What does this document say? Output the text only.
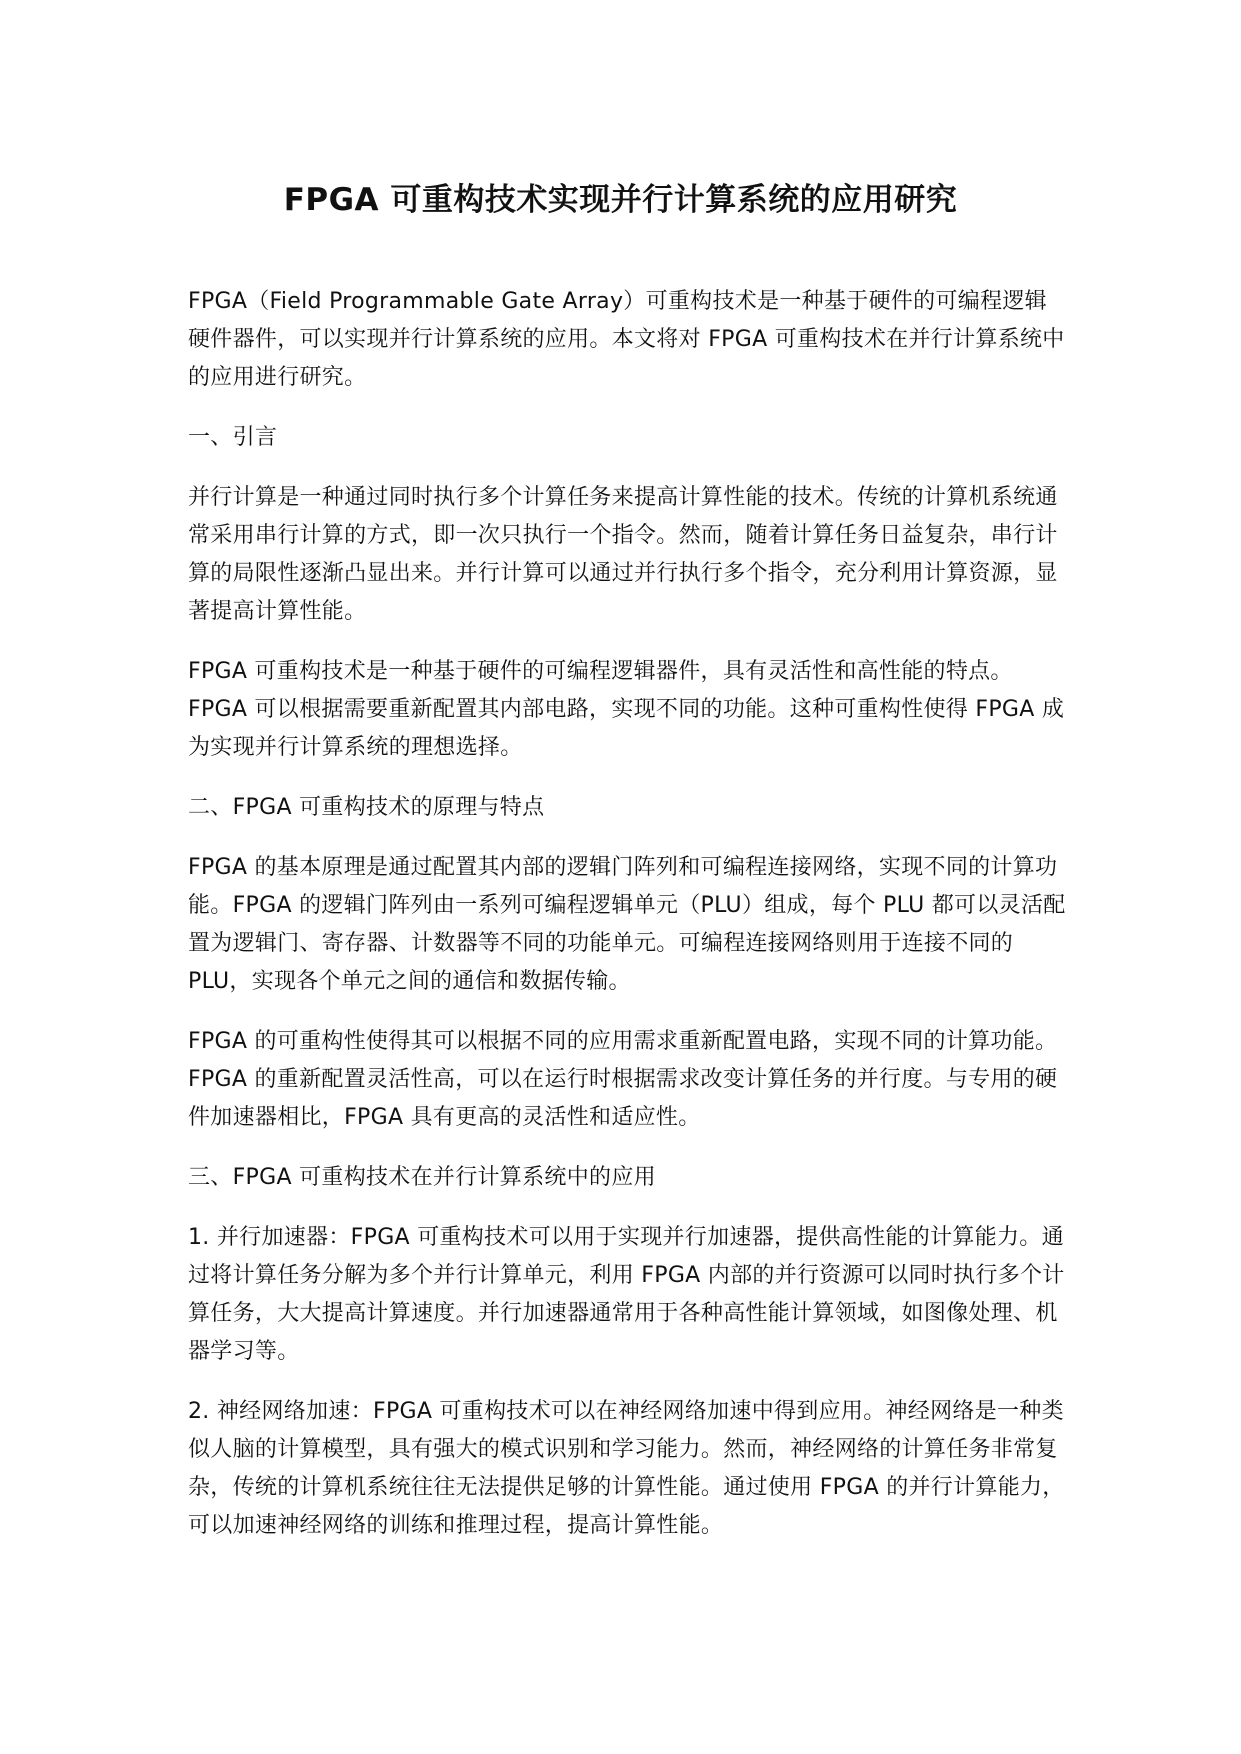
FPGA 可重构技术实现并行计算系统的应用研究

FPGA（Field Programmable Gate Array）可重构技术是一种基于硬件的可编程逻辑硬件器件，可以实现并行计算系统的应用。本文将对 FPGA 可重构技术在并行计算系统中的应用进行研究。

一、引言

并行计算是一种通过同时执行多个计算任务来提高计算性能的技术。传统的计算机系统通常采用串行计算的方式，即一次只执行一个指令。然而，随着计算任务日益复杂，串行计算的局限性逐渐凸显出来。并行计算可以通过并行执行多个指令，充分利用计算资源，显著提高计算性能。

FPGA 可重构技术是一种基于硬件的可编程逻辑器件，具有灵活性和高性能的特点。FPGA 可以根据需要重新配置其内部电路，实现不同的功能。这种可重构性使得 FPGA 成为实现并行计算系统的理想选择。

二、FPGA 可重构技术的原理与特点

FPGA 的基本原理是通过配置其内部的逻辑门阵列和可编程连接网络，实现不同的计算功能。FPGA 的逻辑门阵列由一系列可编程逻辑单元（PLU）组成，每个 PLU 都可以灵活配置为逻辑门、寄存器、计数器等不同的功能单元。可编程连接网络则用于连接不同的 PLU，实现各个单元之间的通信和数据传输。

FPGA 的可重构性使得其可以根据不同的应用需求重新配置电路，实现不同的计算功能。FPGA 的重新配置灵活性高，可以在运行时根据需求改变计算任务的并行度。与专用的硬件加速器相比，FPGA 具有更高的灵活性和适应性。

三、FPGA 可重构技术在并行计算系统中的应用

1. 并行加速器：FPGA 可重构技术可以用于实现并行加速器，提供高性能的计算能力。通过将计算任务分解为多个并行计算单元，利用 FPGA 内部的并行资源可以同时执行多个计算任务，大大提高计算速度。并行加速器通常用于各种高性能计算领域，如图像处理、机器学习等。

2. 神经网络加速：FPGA 可重构技术可以在神经网络加速中得到应用。神经网络是一种类似人脑的计算模型，具有强大的模式识别和学习能力。然而，神经网络的计算任务非常复杂，传统的计算机系统往往无法提供足够的计算性能。通过使用 FPGA 的并行计算能力，可以加速神经网络的训练和推理过程，提高计算性能。
